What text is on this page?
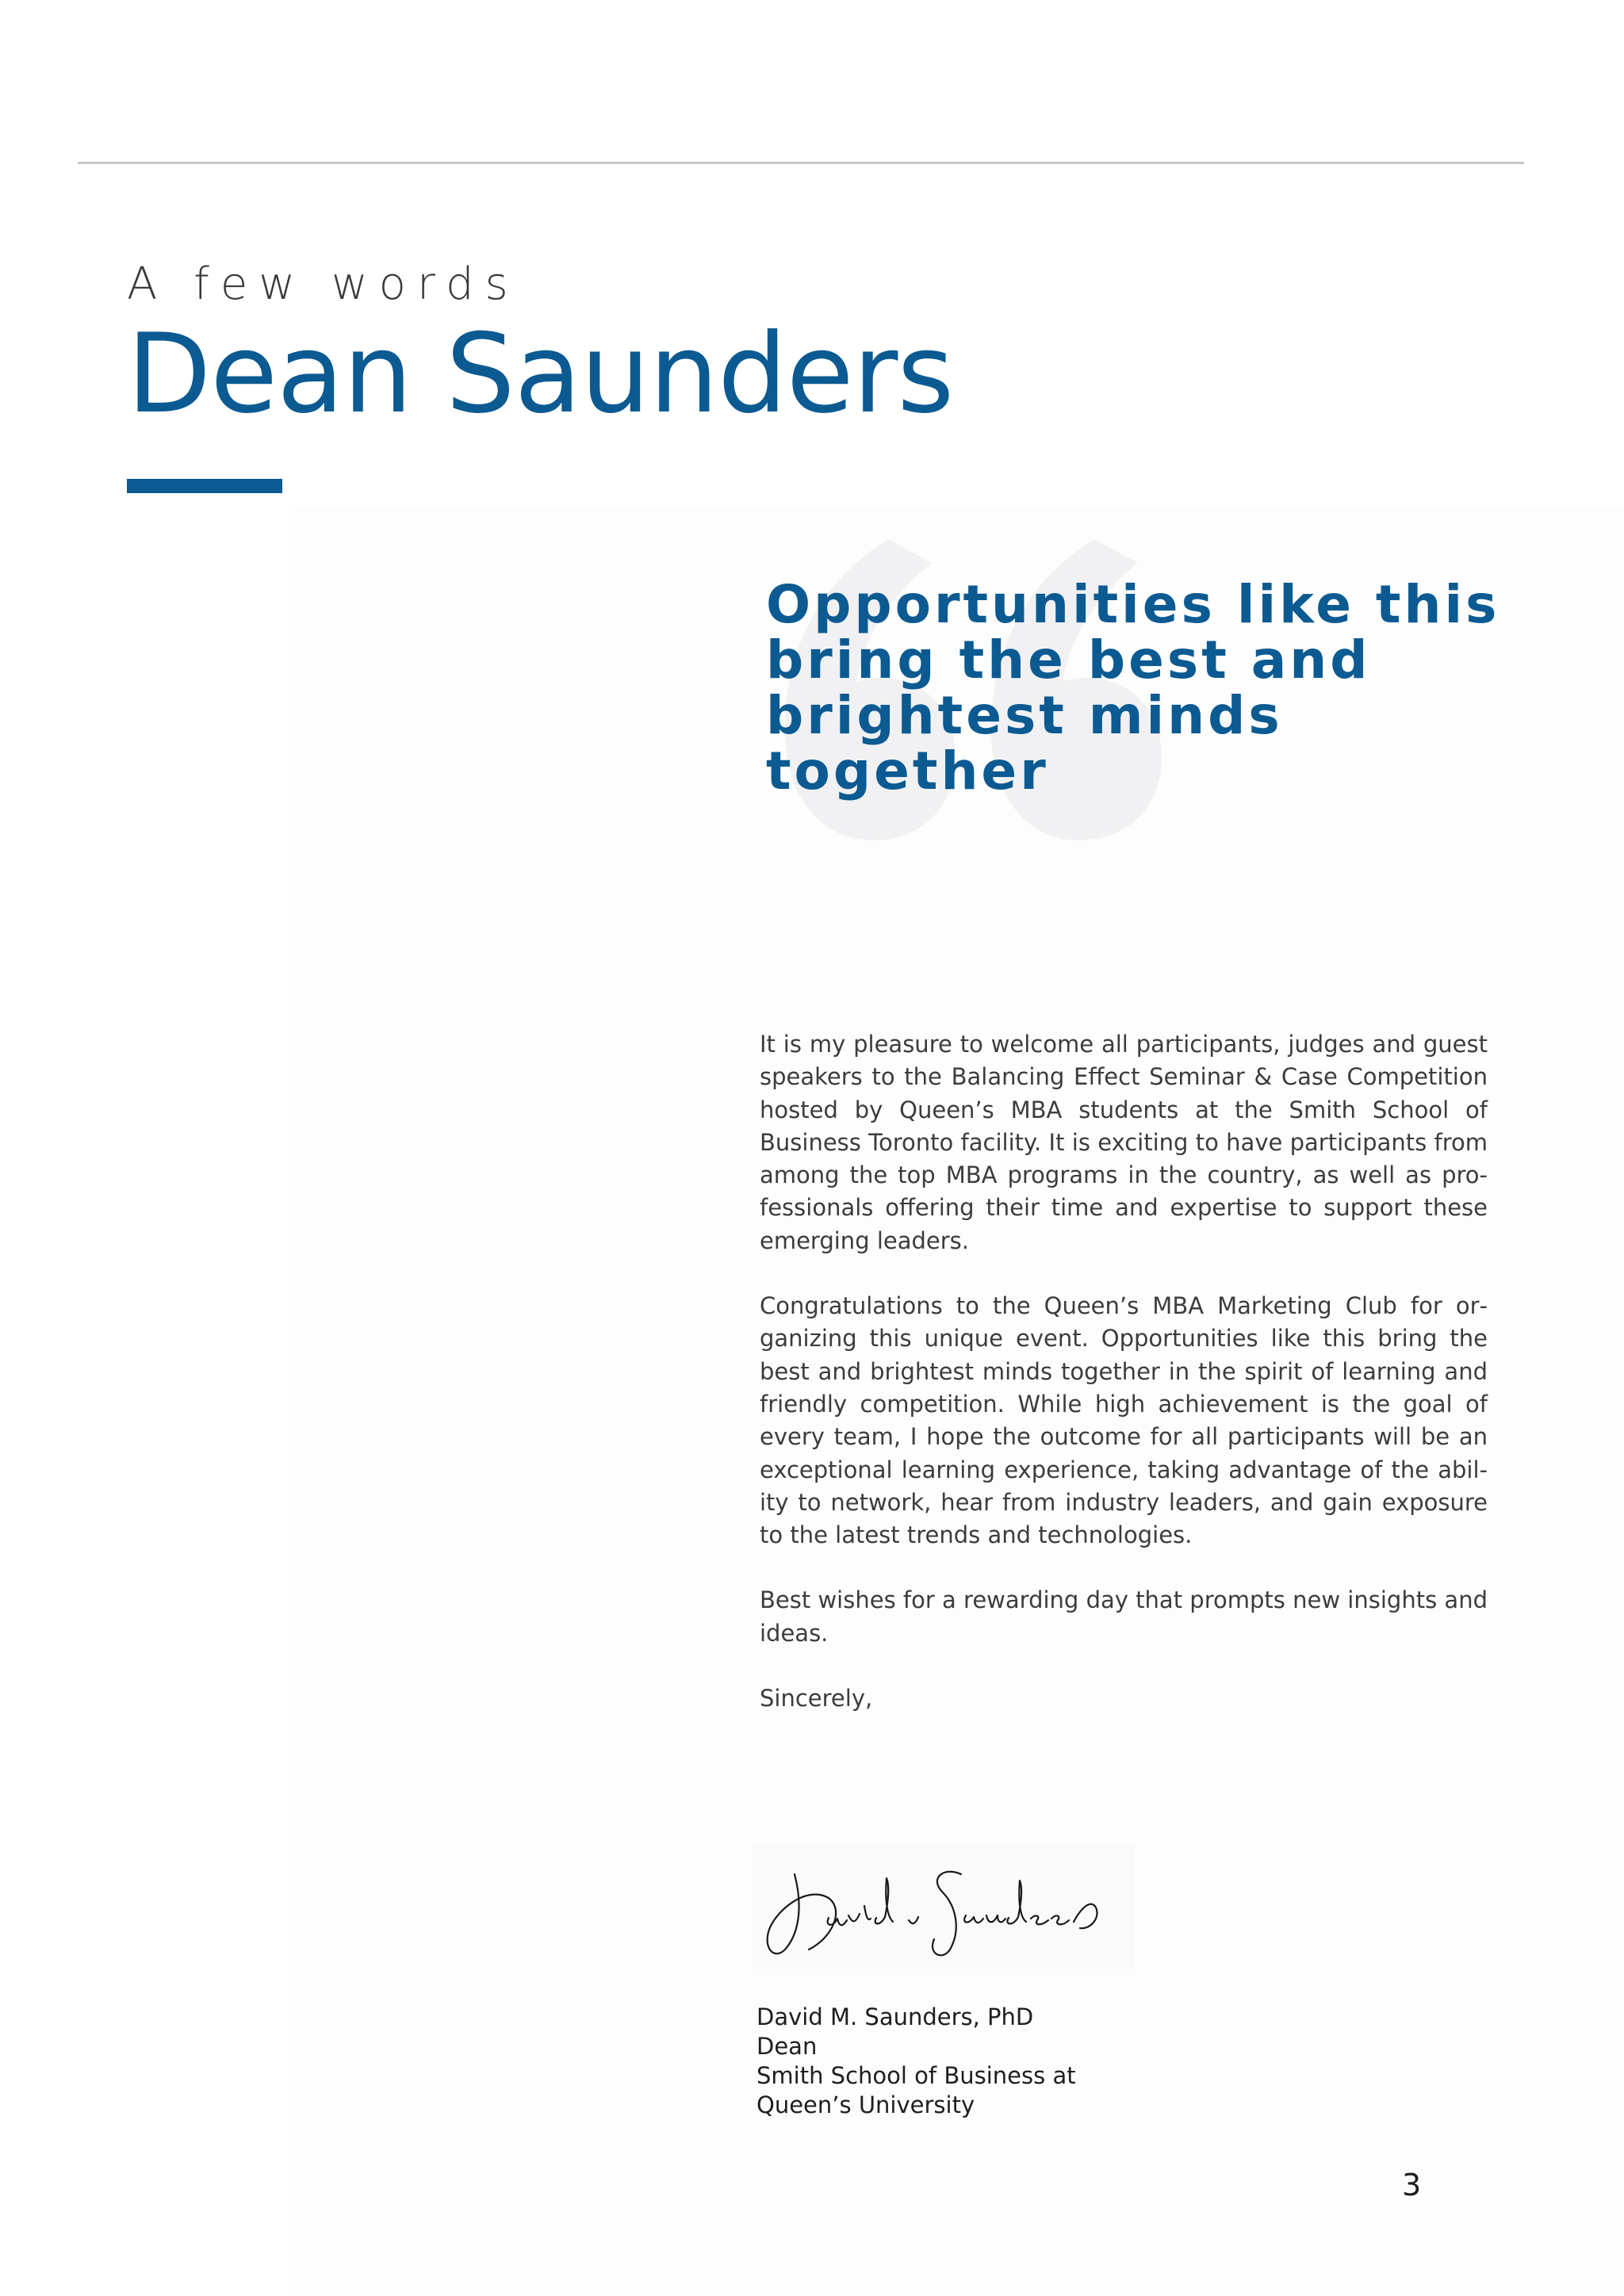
A few words
Dean Saunders
Opportunities like this
bring the best and
brightest minds
together

It is my pleasure to welcome all participants, judges and guest speakers to the Balancing Effect Seminar & Case Competition hosted by Queen’s MBA students at the Smith School of Business Toronto facility. It is exciting to have participants from among the top MBA programs in the country, as well as professionals offering their time and expertise to support these emerging leaders.

Congratulations to the Queen’s MBA Marketing Club for organizing this unique event. Opportunities like this bring the best and brightest minds together in the spirit of learning and friendly competition. While high achievement is the goal of every team, I hope the outcome for all participants will be an exceptional learning experience, taking advantage of the ability to network, hear from industry leaders, and gain exposure to the latest trends and technologies.

Best wishes for a rewarding day that prompts new insights and ideas.

Sincerely,

David M. Saunders, PhD
Dean
Smith School of Business at
Queen’s University
3
